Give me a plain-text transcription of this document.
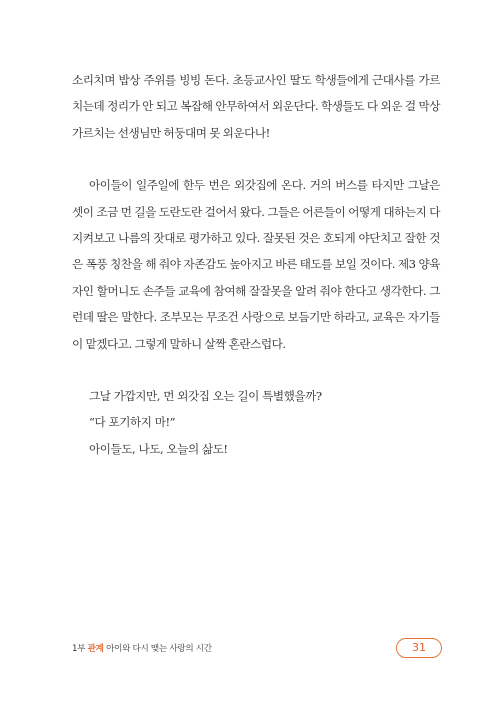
소리치며 밥상 주위를 빙빙 돈다. 초등교사인 딸도 학생들에게 근대사를 가르치는데 정리가 안 되고 복잡해 안무하여서 외운단다. 학생들도 다 외운 걸 막상 가르치는 선생님만 허둥대며 못 외운다나!

아이들이 일주일에 한두 번은 외갓집에 온다. 거의 버스를 타지만 그날은 셋이 조금 먼 길을 도란도란 걸어서 왔다. 그들은 어른들이 어떻게 대하는지 다 지켜보고 나름의 잣대로 평가하고 있다. 잘못된 것은 호되게 야단치고 잘한 것은 폭풍 칭찬을 해 줘야 자존감도 높아지고 바른 태도를 보일 것이다. 제3 양육자인 할머니도 손주들 교육에 참여해 잘잘못을 알려 줘야 한다고 생각한다. 그런데 딸은 말한다. 조부모는 무조건 사랑으로 보듬기만 하라고, 교육은 자기들이 맡겠다고. 그렇게 말하니 살짝 혼란스럽다.

그날 가깝지만, 먼 외갓집 오는 길이 특별했을까?
“다 포기하지 마!”
아이들도, 나도, 오늘의 삶도!
1부 관계 아이와 다시 맺는 사랑의 시간	31
